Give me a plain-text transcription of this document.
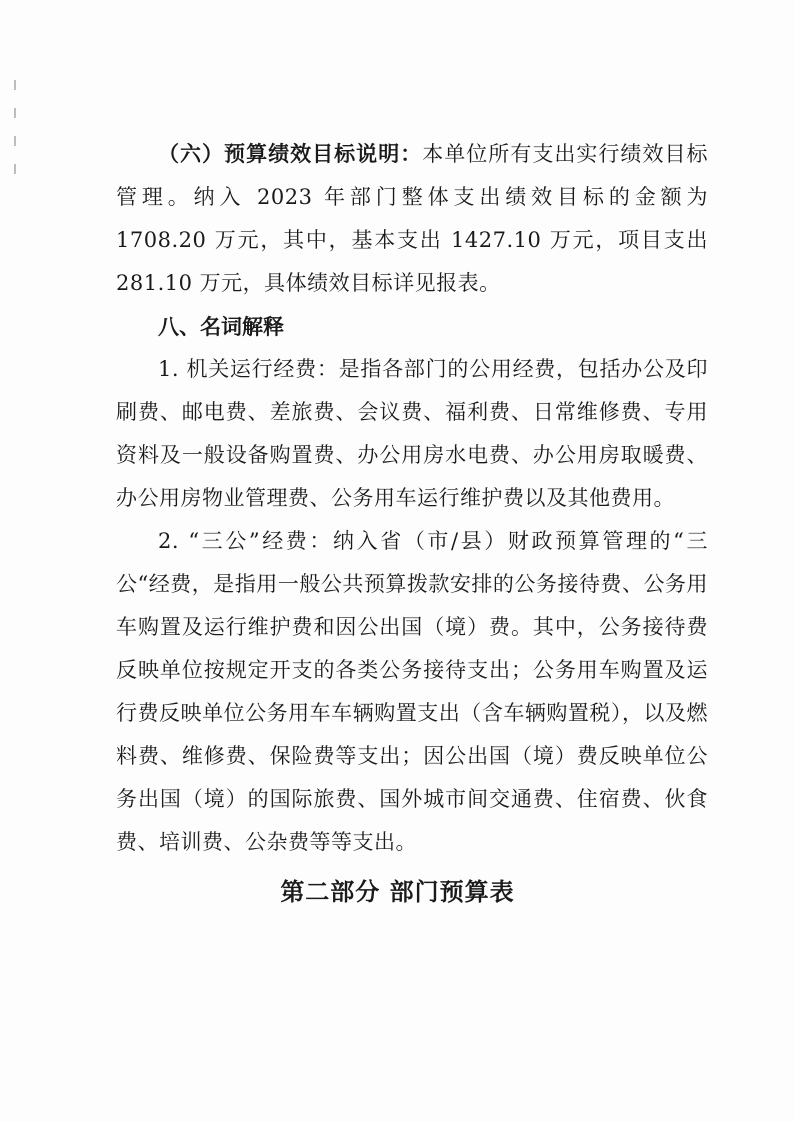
（六）预算绩效目标说明：本单位所有支出实行绩效目标管理。纳入 2023 年部门整体支出绩效目标的金额为 1708.20 万元，其中，基本支出 1427.10 万元，项目支出 281.10 万元，具体绩效目标详见报表。

八、名词解释

1. 机关运行经费：是指各部门的公用经费，包括办公及印刷费、邮电费、差旅费、会议费、福利费、日常维修费、专用资料及一般设备购置费、办公用房水电费、办公用房取暖费、办公用房物业管理费、公务用车运行维护费以及其他费用。

2. “三公”经费：纳入省（市/县）财政预算管理的“三公“经费，是指用一般公共预算拨款安排的公务接待费、公务用车购置及运行维护费和因公出国（境）费。其中，公务接待费反映单位按规定开支的各类公务接待支出；公务用车购置及运行费反映单位公务用车车辆购置支出（含车辆购置税），以及燃料费、维修费、保险费等支出；因公出国（境）费反映单位公务出国（境）的国际旅费、国外城市间交通费、住宿费、伙食费、培训费、公杂费等等支出。

第二部分 部门预算表
